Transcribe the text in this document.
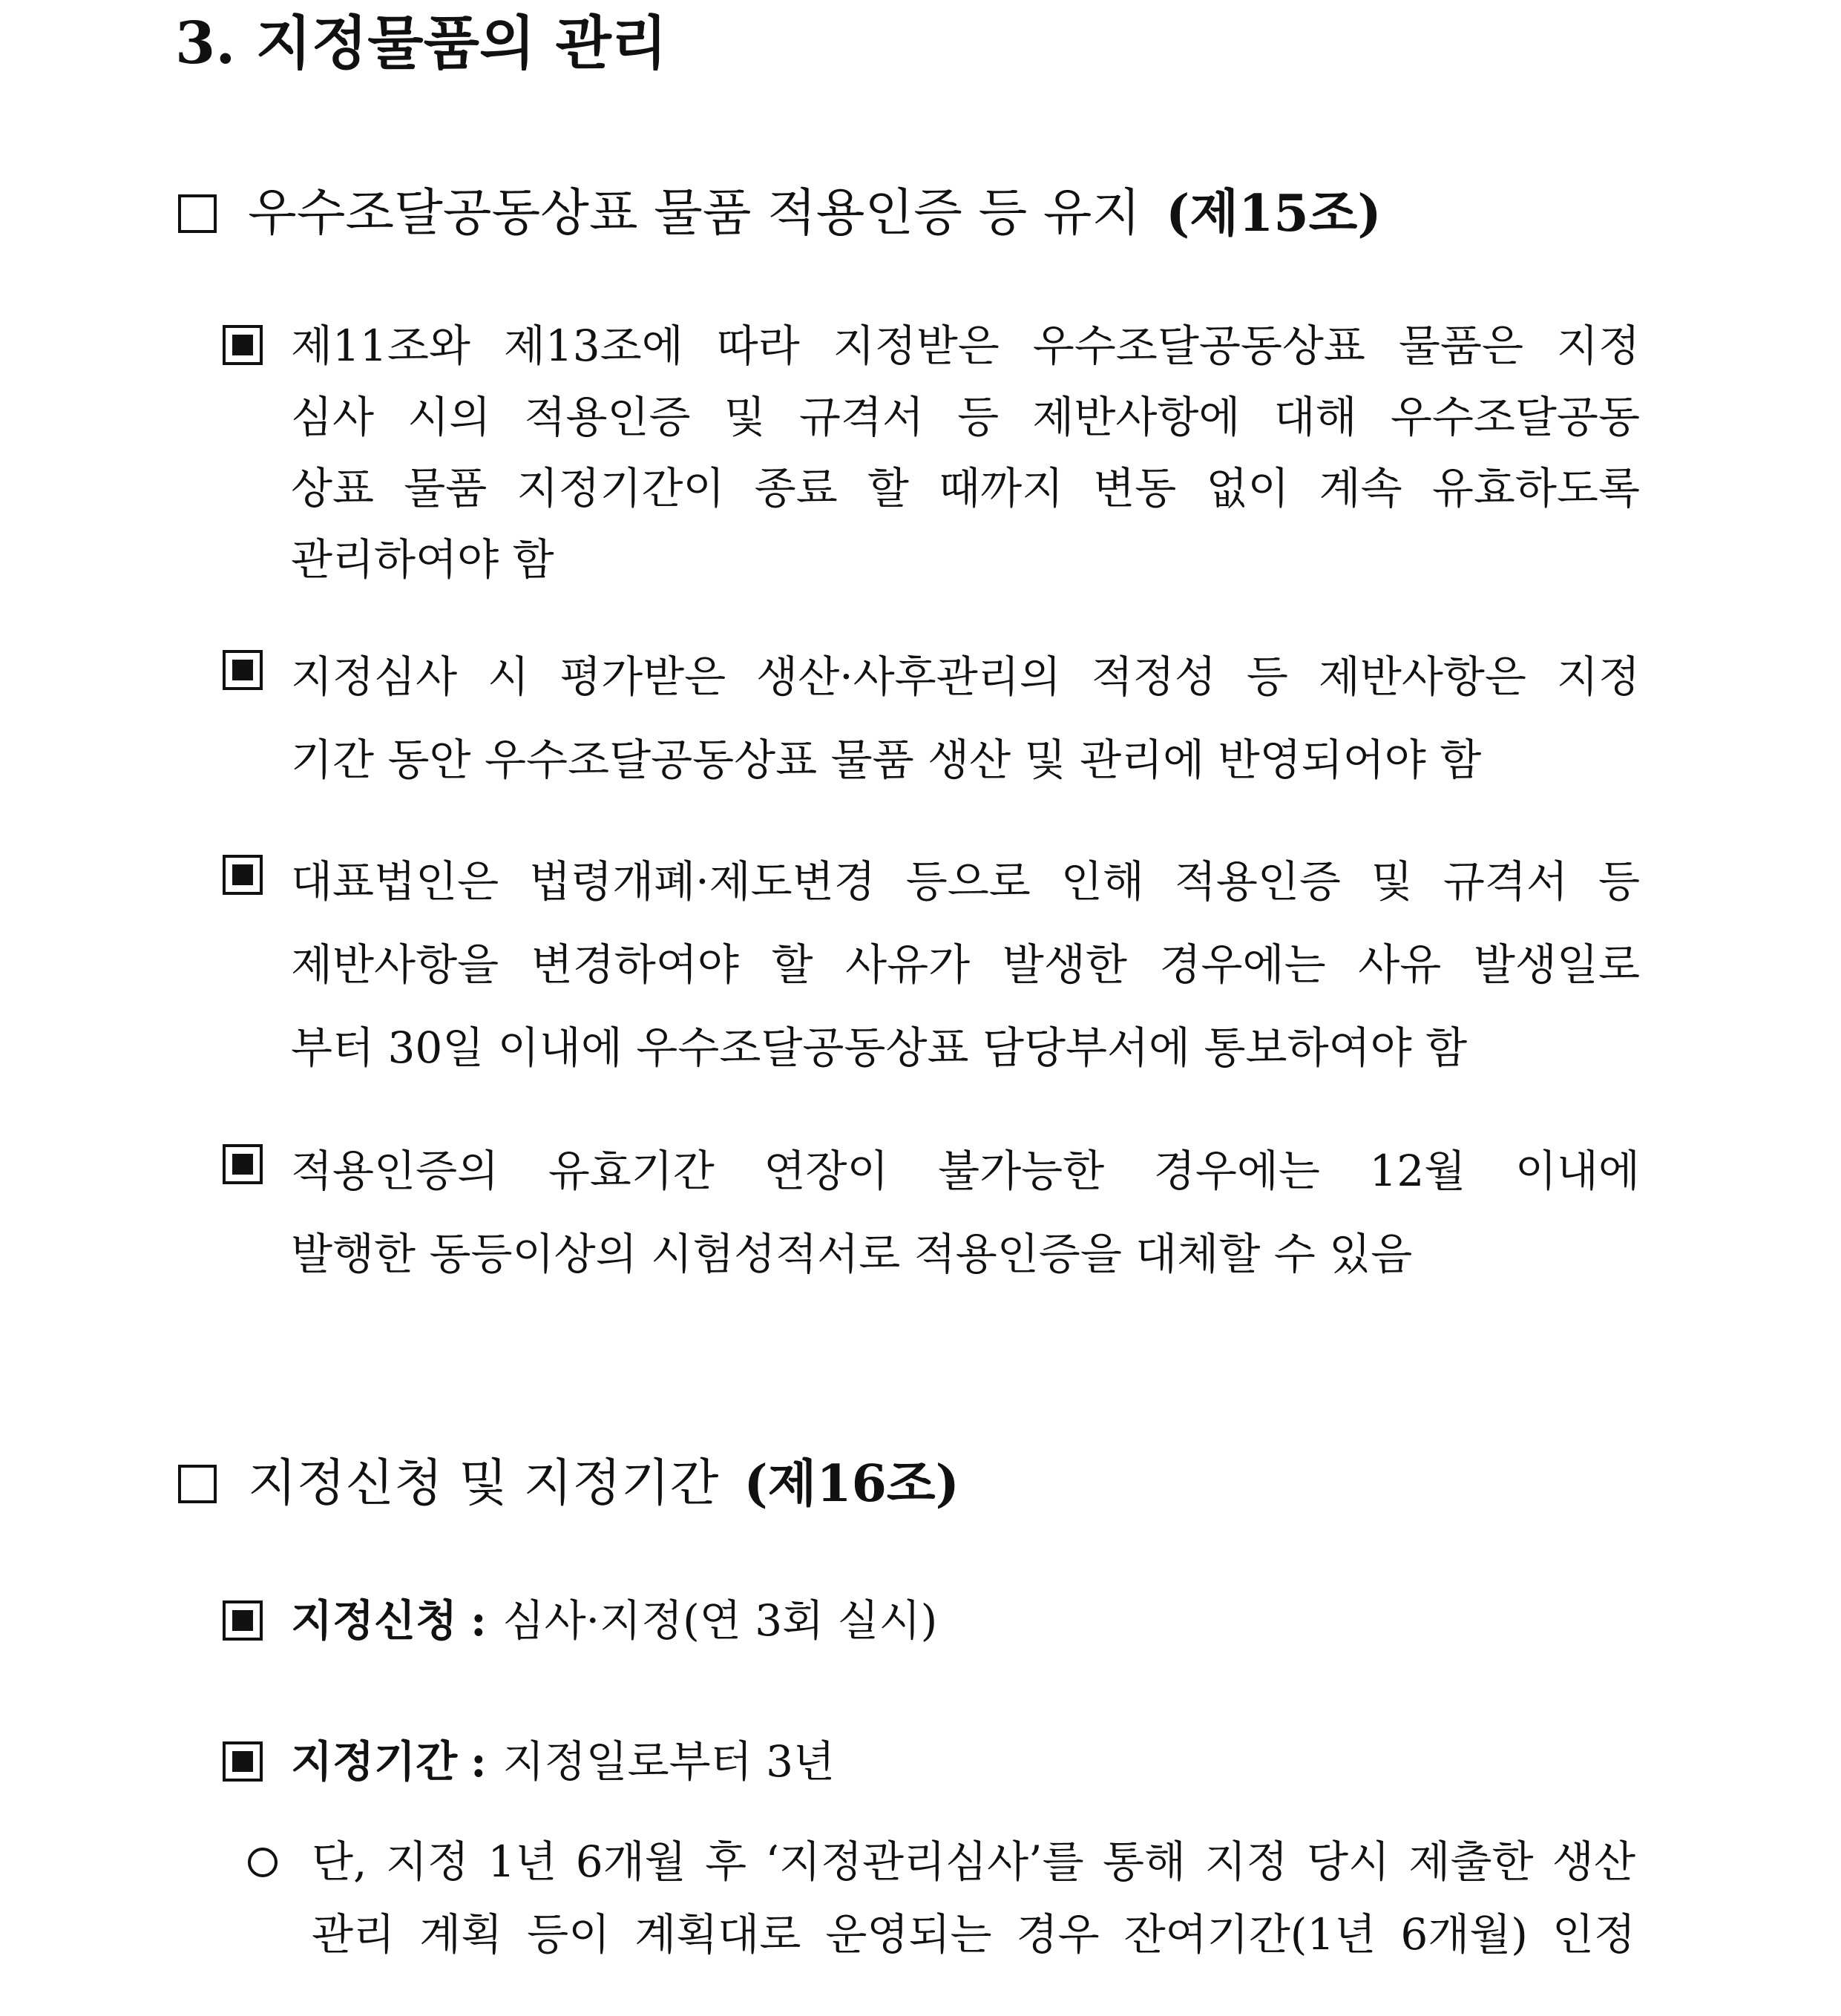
3. 지정물품의 관리
우수조달공동상표 물품 적용인증 등 유지 (제15조)
제11조와 제13조에 따라 지정받은 우수조달공동상표 물품은 지정
심사 시의 적용인증 및 규격서 등 제반사항에 대해 우수조달공동
상표 물품 지정기간이 종료 할 때까지 변동 없이 계속 유효하도록
관리하여야 함
지정심사 시 평가받은 생산·사후관리의 적정성 등 제반사항은 지정
기간 동안 우수조달공동상표 물품 생산 및 관리에 반영되어야 함
대표법인은 법령개폐·제도변경 등으로 인해 적용인증 및 규격서 등
제반사항을 변경하여야 할 사유가 발생한 경우에는 사유 발생일로
부터 30일 이내에 우수조달공동상표 담당부서에 통보하여야 함
적용인증의 유효기간 연장이 불가능한 경우에는 12월 이내에
발행한 동등이상의 시험성적서로 적용인증을 대체할 수 있음
지정신청 및 지정기간 (제16조)
지정신청 : 심사·지정(연 3회 실시)
지정기간 : 지정일로부터 3년
단, 지정 1년 6개월 후 ‘지정관리심사’를 통해 지정 당시 제출한 생산
관리 계획 등이 계획대로 운영되는 경우 잔여기간(1년 6개월) 인정
